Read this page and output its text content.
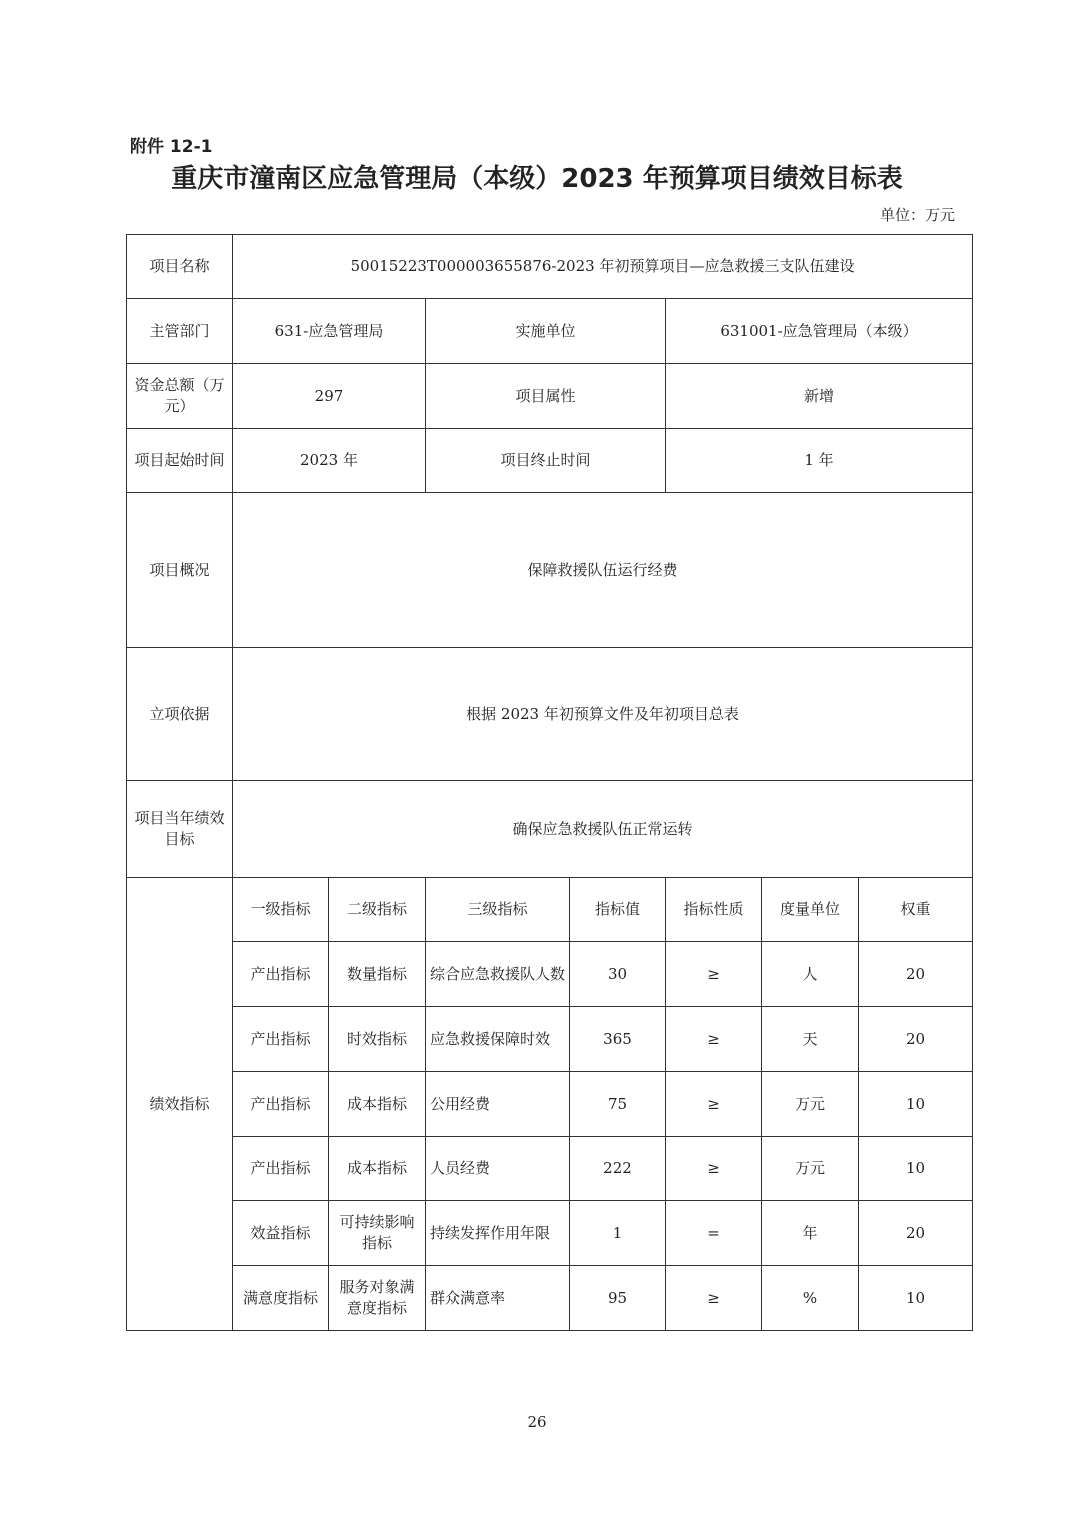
附件 12-1
重庆市潼南区应急管理局（本级）2023 年预算项目绩效目标表
单位：万元
项目名称	50015223T000003655876-2023 年初预算项目—应急救援三支队伍建设						
主管部门	631-应急管理局		实施单位		631001-应急管理局（本级）		
资金总额（万元）	297		项目属性		新增		
项目起始时间	2023 年		项目终止时间		1 年		
项目概况	保障救援队伍运行经费						
立项依据	根据 2023 年初预算文件及年初项目总表						
项目当年绩效目标	确保应急救援队伍正常运转						
绩效指标	一级指标	二级指标	三级指标	指标值	指标性质	度量单位	权重
	产出指标	数量指标	综合应急救援队人数	30	≥	人	20
	产出指标	时效指标	应急救援保障时效	365	≥	天	20
	产出指标	成本指标	公用经费	75	≥	万元	10
	产出指标	成本指标	人员经费	222	≥	万元	10
	效益指标	可持续影响指标	持续发挥作用年限	1	=	年	20
	满意度指标	服务对象满意度指标	群众满意率	95	≥	%	10
26
